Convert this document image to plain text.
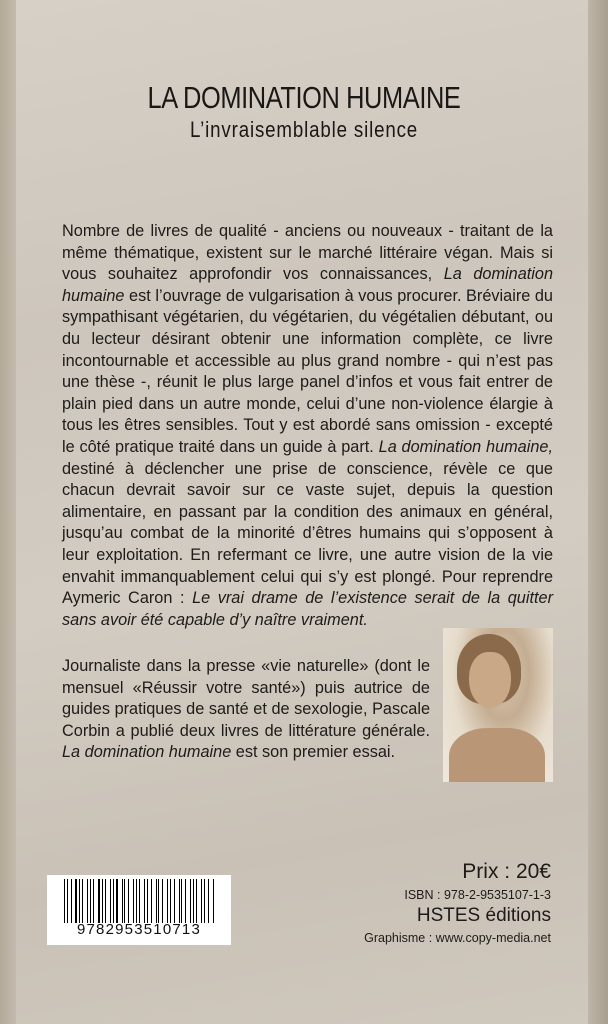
LA DOMINATION HUMAINE
L’invraisemblable silence

Nombre de livres de qualité - anciens ou nouveaux - traitant de la même thématique, existent sur le marché littéraire végan. Mais si vous souhaitez approfondir vos connaissances, La domination humaine est l’ouvrage de vulgarisation à vous procurer. Bréviaire du sympathisant végétarien, du végétarien, du végétalien débutant, ou du lecteur désirant obtenir une information complète, ce livre incontournable et accessible au plus grand nombre - qui n’est pas une thèse -, réunit le plus large panel d’infos et vous fait entrer de plain pied dans un autre monde, celui d’une non-violence élargie à tous les êtres sensibles. Tout y est abordé sans omission - excepté le côté pratique traité dans un guide à part. La domination humaine, destiné à déclencher une prise de conscience, révèle ce que chacun devrait savoir sur ce vaste sujet, depuis la question alimentaire, en passant par la condition des animaux en général, jusqu’au combat de la minorité d’êtres humains qui s’opposent à leur exploitation. En refermant ce livre, une autre vision de la vie envahit immanquablement celui qui s’y est plongé. Pour reprendre Aymeric Caron : Le vrai drame de l’existence serait de la quitter sans avoir été capable d’y naître vraiment.

Journaliste dans la presse «vie naturelle» (dont le mensuel «Réussir votre santé») puis autrice de guides pratiques de santé et de sexologie, Pascale Corbin a publié deux livres de littérature générale. La domination humaine est son premier essai.

9782953510713
Prix : 20€
ISBN : 978-2-9535107-1-3
HSTES éditions
Graphisme : www.copy-media.net
